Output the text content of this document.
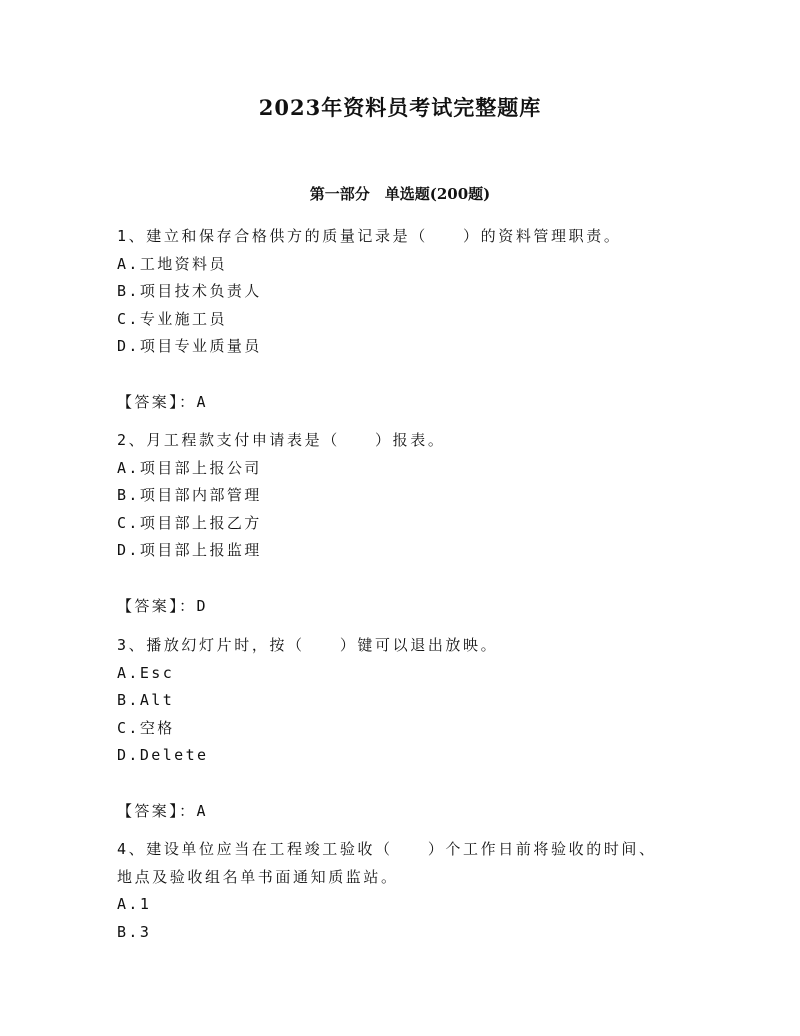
2023年资料员考试完整题库
第一部分　单选题(200题)
1、建立和保存合格供方的质量记录是（　　）的资料管理职责。
A.工地资料员
B.项目技术负责人
C.专业施工员
D.项目专业质量员
【答案】：A
2、月工程款支付申请表是（　　）报表。
A.项目部上报公司
B.项目部内部管理
C.项目部上报乙方
D.项目部上报监理
【答案】：D
3、播放幻灯片时，按（　　）键可以退出放映。
A.Esc
B.Alt
C.空格
D.Delete
【答案】：A
4、建设单位应当在工程竣工验收（　　）个工作日前将验收的时间、
地点及验收组名单书面通知质监站。
A.1
B.3
